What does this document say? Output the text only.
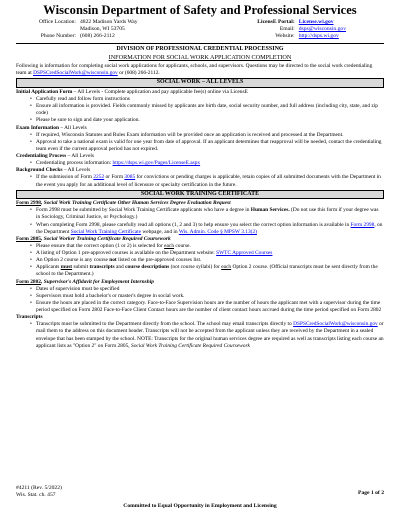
Wisconsin Department of Safety and Professional Services
Office Location: 4822 Madison Yards Way
Madison, WI 53705
Phone Number: (608) 266-2112
LicensE Portal: License.wi.gov
Email: dsps@wisconsin.gov
Website: http://dsps.wi.gov
DIVISION OF PROFESSIONAL CREDENTIAL PROCESSING
INFORMATION FOR SOCIAL WORK APPLICATION COMPLETION

Following is information for completing social work applications for applicants, schools, and supervisors. Questions may be directed to the social work credentialing team at DSPSCredSocialWork@wisconsin.gov or (608) 266-2112.

SOCIAL WORK – ALL LEVELS
Initial Application Form – All Levels - Complete application and pay applicable fee(s) online via LicensE
• Carefully read and follow form instructions
• Ensure all information is provided. Fields commonly missed by applicants are birth date, social security number, and full address (including city, state, and zip code)
• Please be sure to sign and date your application.
Exam Information – All Levels
• If required, Wisconsin Statutes and Rules Exam information will be provided once an application is received and processed at the Department.
• Approval to take a national exam is valid for one year from date of approval. If an applicant determines that reapproval will be needed, contact the credentialing team even if the current approval period has not expired.
Credentialing Process – All Levels
• Credentialing process information: https://dsps.wi.gov/Pages/LicenseE.aspx
Background Checks – All Levels
• If the submission of Form 2252 or Form 3085 for convictions or pending charges is applicable, retain copies of all submitted documents with the Department in the event you apply for an additional level of licensure or specialty certification in the future.
SOCIAL WORK TRAINING CERTIFICATE
Form 2998, Social Work Training Certificate Other Human Services Degree Evaluation Request
• Form 2998 must be submitted by Social Work Training Certificate applicants who have a degree in Human Services. (Do not use this form if your degree was in Sociology, Criminal Justice, or Psychology.)
• When completing Form 2998, please carefully read all options (1, 2 and 3) to help ensure you select the correct option information is available in Form 2998, on the Department Social Work Training Certificate webpage, and in Wis. Admin. Code § MPSW 3.13(2)
Form 2805, Social Worker Training Certificate Required Coursework
• Please ensure that the correct option (1 or 2) is selected for each course.
• A listing of Option 1 pre-approved courses is available on the Department website: SWTC Approved Courses
• An Option 2 course is any course not listed on the pre-approved courses list.
• Applicants must submit transcripts and course descriptions (not course syllabi) for each Option 2 course. (Official transcripts must be sent directly from the school to the Department.)
Form 2802, Supervisor's Affidavit for Employment Internship
• Dates of supervision must be specified
• Supervisors must hold a bachelor's or master's degree in social work.
• Ensure the hours are placed in the correct category. Face-to-Face Supervision hours are the number of hours the applicant met with a supervisor during the time period specified on Form 2802 Face-to-Face Client Contact hours are the number of client contact hours accrued during the time period specified on Form 2802
Transcripts
• Transcripts must be submitted to the Department directly from the school. The school may email transcripts directly to DSPSCredSocialWork@wisconsin.gov or mail them to the address on this document header. Transcripts will not be accepted from the applicant unless they are received by the Department in a sealed envelope that has been stamped by the school. NOTE: Transcripts for the original human services degree are required as well as transcripts listing each course an applicant lists as "Option 2" on Form 2805, Social Work Training Certificate Required Coursework
#4211 (Rev. 5/2022)
Wis. Stat. ch. 457	Page 1 of 2
Committed to Equal Opportunity in Employment and Licensing
